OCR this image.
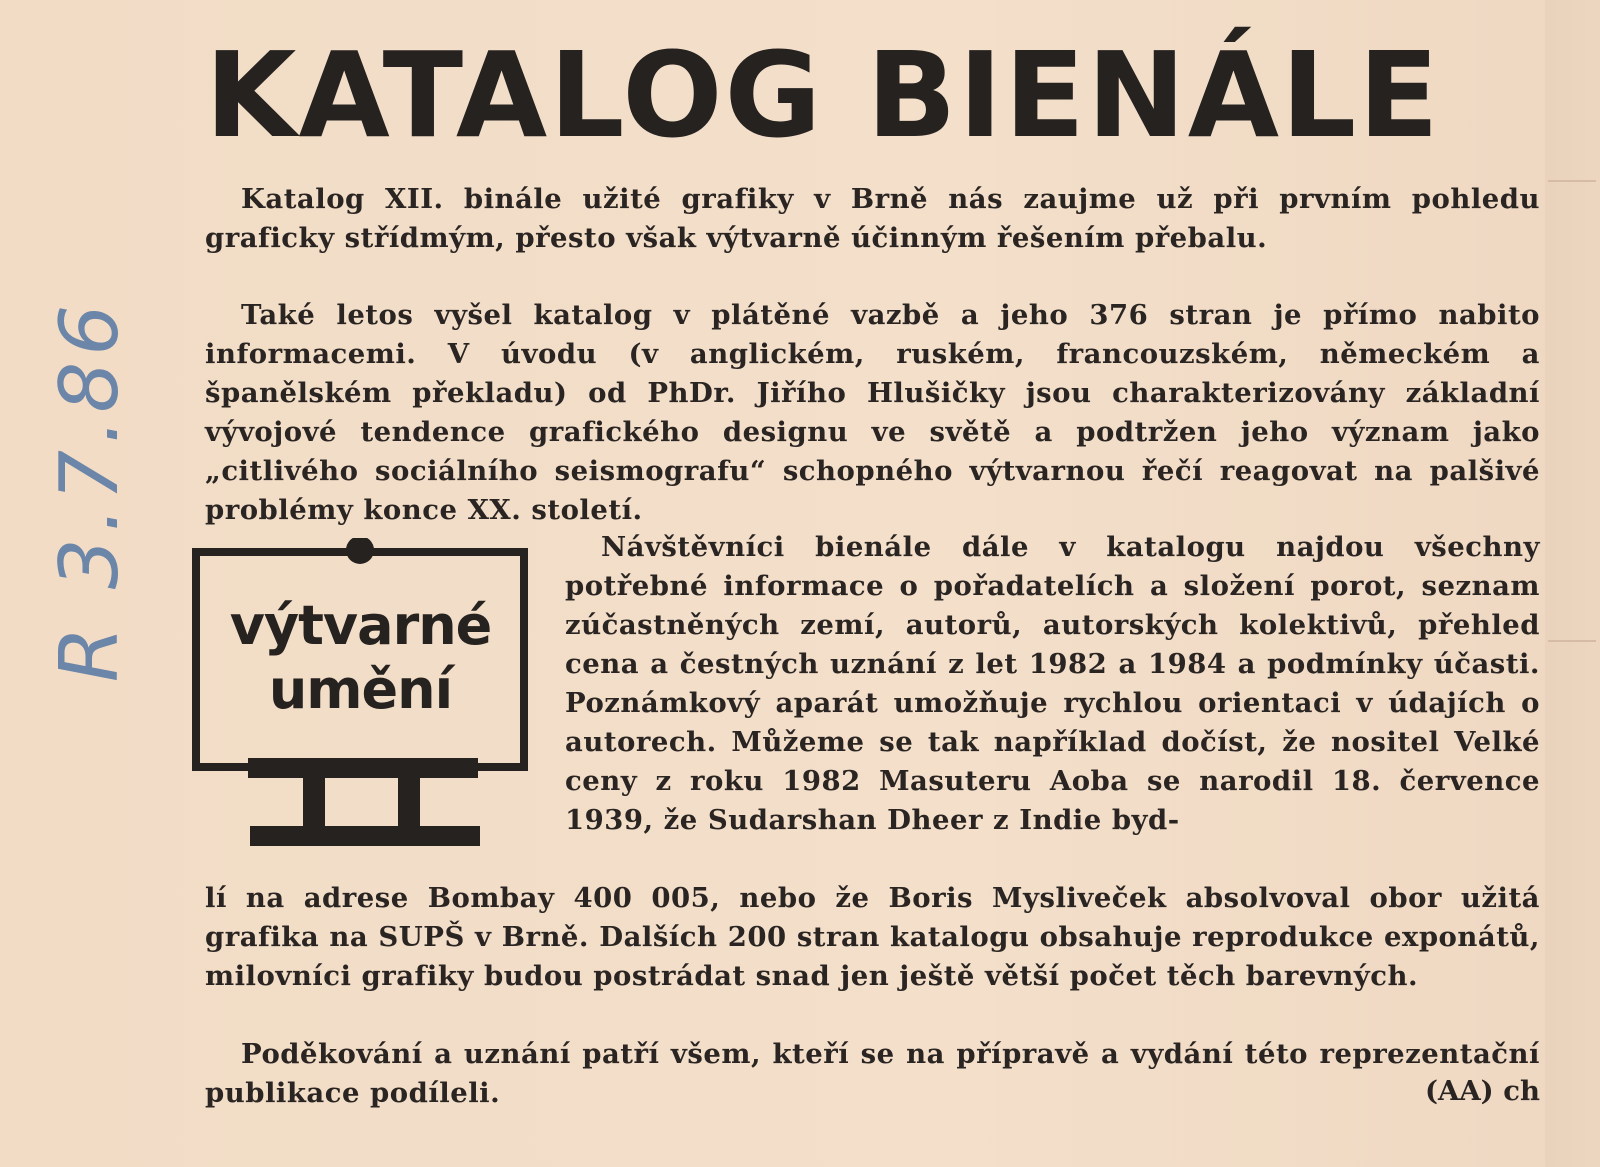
R 3.7.86
KATALOG BIENÁLE

Katalog XII. binále užité grafiky v Brně nás zaujme už při prvním pohledu graficky střídmým, přesto však výtvarně účinným řešením přebalu.

Také letos vyšel katalog v plátěné vazbě a jeho 376 stran je přímo nabito informacemi. V úvodu (v anglickém, ruském, francouzském, německém a španělském překladu) od PhDr. Jiřího Hlušičky jsou charakterizovány základní vývojové tendence grafického designu ve světě a podtržen jeho význam jako „citlivého sociálního seismografu“ schopného výtvarnou řečí reagovat na palšivé problémy konce XX. století.

výtvarné
umění

Návštěvníci bienále dále v katalogu najdou všechny potřebné informace o pořadatelích a složení porot, seznam zúčastněných zemí, autorů, autorských kolektivů, přehled cena a čestných uznání z let 1982 a 1984 a podmínky účasti. Poznámkový aparát umožňuje rychlou orientaci v údajích o autorech. Můžeme se tak například dočíst, že nositel Velké ceny z roku 1982 Masuteru Aoba se narodil 18. července 1939, že Sudarshan Dheer z Indie byd-

lí na adrese Bombay 400 005, nebo že Boris Myslivеček absolvoval obor užitá grafika na SUPŠ v Brně. Dalších 200 stran katalogu obsahuje reprodukce exponátů, milovníci grafiky budou postrádat snad jen ještě větší počet těch barevných.

Poděkování a uznání patří všem, kteří se na přípravě a vydání této reprezentační publikace podíleli.	(AA) ch
